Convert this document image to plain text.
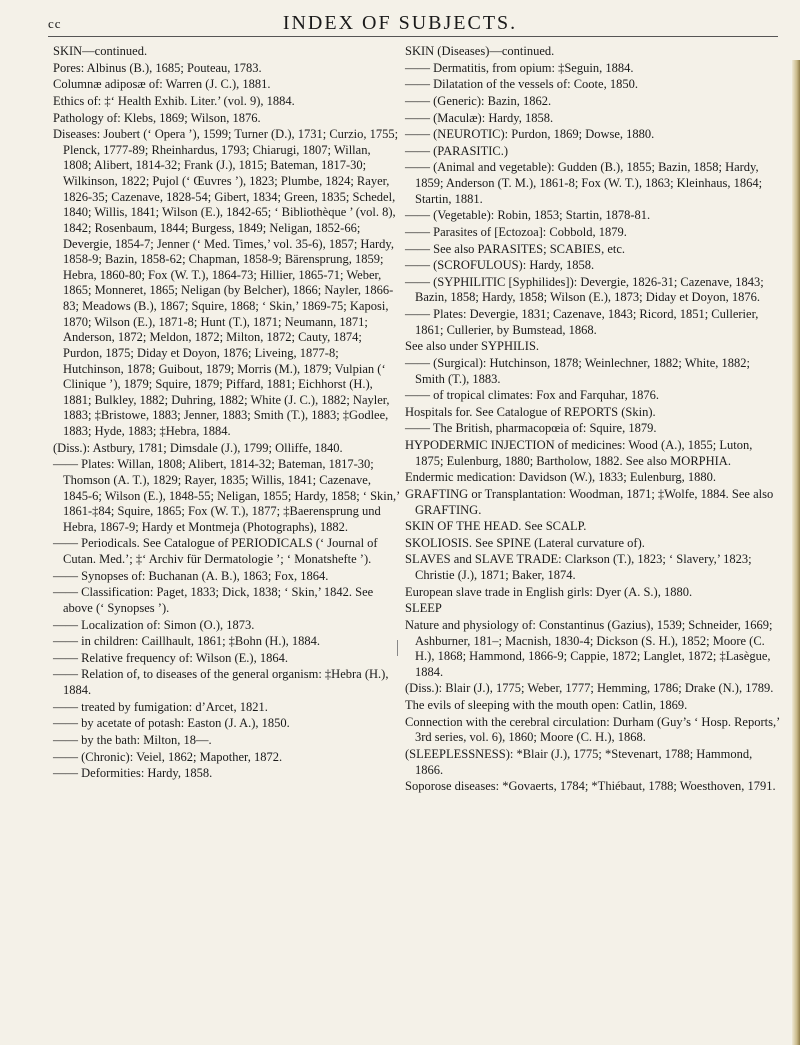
cc	INDEX OF SUBJECTS.

SKIN—continued.

Pores: Albinus (B.), 1685; Pouteau, 1783.

Columnæ adiposæ of: Warren (J. C.), 1881.

Ethics of: ‡‘ Health Exhib. Liter.’ (vol. 9), 1884.

Pathology of: Klebs, 1869; Wilson, 1876.

Diseases: Joubert (‘ Opera ’), 1599; Turner (D.), 1731; Curzio, 1755; Plenck, 1777-89; Rheinhardus, 1793; Chiarugi, 1807; Willan, 1808; Alibert, 1814-32; Frank (J.), 1815; Bateman, 1817-30; Wilkinson, 1822; Pujol (‘ Œuvres ’), 1823; Plumbe, 1824; Rayer, 1826-35; Cazenave, 1828-54; Gibert, 1834; Green, 1835; Schedel, 1840; Willis, 1841; Wilson (E.), 1842-65; ‘ Bibliothèque ’ (vol. 8), 1842; Rosenbaum, 1844; Burgess, 1849; Neligan, 1852-66; Devergie, 1854-7; Jenner (‘ Med. Times,’ vol. 35-6), 1857; Hardy, 1858-9; Bazin, 1858-62; Chapman, 1858-9; Bärensprung, 1859; Hebra, 1860-80; Fox (W. T.), 1864-73; Hillier, 1865-71; Weber, 1865; Monneret, 1865; Neligan (by Belcher), 1866; Nayler, 1866-83; Meadows (B.), 1867; Squire, 1868; ‘ Skin,’ 1869-75; Kaposi, 1870; Wilson (E.), 1871-8; Hunt (T.), 1871; Neumann, 1871; Anderson, 1872; Meldon, 1872; Milton, 1872; Cauty, 1874; Purdon, 1875; Diday et Doyon, 1876; Liveing, 1877-8; Hutchinson, 1878; Guibout, 1879; Morris (M.), 1879; Vulpian (‘ Clinique ’), 1879; Squire, 1879; Piffard, 1881; Eichhorst (H.), 1881; Bulkley, 1882; Duhring, 1882; White (J. C.), 1882; Nayler, 1883; ‡Bristowe, 1883; Jenner, 1883; Smith (T.), 1883; ‡Godlee, 1883; Hyde, 1883; ‡Hebra, 1884.

(Diss.): Astbury, 1781; Dimsdale (J.), 1799; Olliffe, 1840.

—— Plates: Willan, 1808; Alibert, 1814-32; Bateman, 1817-30; Thomson (A. T.), 1829; Rayer, 1835; Willis, 1841; Cazenave, 1845-6; Wilson (E.), 1848-55; Neligan, 1855; Hardy, 1858; ‘ Skin,’ 1861-‡84; Squire, 1865; Fox (W. T.), 1877; ‡Baerensprung und Hebra, 1867-9; Hardy et Montmeja (Photographs), 1882.

—— Periodicals. See Catalogue of PERIODICALS (‘ Journal of Cutan. Med.’; ‡‘ Archiv für Dermatologie ’; ‘ Monatshefte ’).

—— Synopses of: Buchanan (A. B.), 1863; Fox, 1864.

—— Classification: Paget, 1833; Dick, 1838; ‘ Skin,’ 1842. See above (‘ Synopses ’).

—— Localization of: Simon (O.), 1873.

—— in children: Caillhault, 1861; ‡Bohn (H.), 1884.

—— Relative frequency of: Wilson (E.), 1864.

—— Relation of, to diseases of the general organism: ‡Hebra (H.), 1884.

—— treated by fumigation: d’Arcet, 1821.

—— by acetate of potash: Easton (J. A.), 1850.

—— by the bath: Milton, 18—.

—— (Chronic): Veiel, 1862; Mapother, 1872.

—— Deformities: Hardy, 1858.

SKIN (Diseases)—continued.

—— Dermatitis, from opium: ‡Seguin, 1884.

—— Dilatation of the vessels of: Coote, 1850.

—— (Generic): Bazin, 1862.

—— (Maculæ): Hardy, 1858.

—— (NEUROTIC): Purdon, 1869; Dowse, 1880.

—— (PARASITIC.)

—— (Animal and vegetable): Gudden (B.), 1855; Bazin, 1858; Hardy, 1859; Anderson (T. M.), 1861-8; Fox (W. T.), 1863; Kleinhaus, 1864; Startin, 1881.

—— (Vegetable): Robin, 1853; Startin, 1878-81.

—— Parasites of [Ectozoa]: Cobbold, 1879.

—— See also PARASITES; SCABIES, etc.

—— (SCROFULOUS): Hardy, 1858.

—— (SYPHILITIC [Syphilides]): Devergie, 1826-31; Cazenave, 1843; Bazin, 1858; Hardy, 1858; Wilson (E.), 1873; Diday et Doyon, 1876.

—— Plates: Devergie, 1831; Cazenave, 1843; Ricord, 1851; Cullerier, 1861; Cullerier, by Bumstead, 1868.

See also under SYPHILIS.

—— (Surgical): Hutchinson, 1878; Weinlechner, 1882; White, 1882; Smith (T.), 1883.

—— of tropical climates: Fox and Farquhar, 1876.

Hospitals for. See Catalogue of REPORTS (Skin).

—— The British, pharmacopœia of: Squire, 1879.

HYPODERMIC INJECTION of medicines: Wood (A.), 1855; Luton, 1875; Eulenburg, 1880; Bartholow, 1882. See also MORPHIA.

Endermic medication: Davidson (W.), 1833; Eulenburg, 1880.

GRAFTING or Transplantation: Woodman, 1871; ‡Wolfe, 1884. See also GRAFTING.

SKIN OF THE HEAD. See SCALP.

SKOLIOSIS. See SPINE (Lateral curvature of).

SLAVES and SLAVE TRADE: Clarkson (T.), 1823; ‘ Slavery,’ 1823; Christie (J.), 1871; Baker, 1874.

European slave trade in English girls: Dyer (A. S.), 1880.

SLEEP

Nature and physiology of: Constantinus (Gazius), 1539; Schneider, 1669; Ashburner, 181–; Macnish, 1830-4; Dickson (S. H.), 1852; Moore (C. H.), 1868; Hammond, 1866-9; Cappie, 1872; Langlet, 1872; ‡Lasègue, 1884.

(Diss.): Blair (J.), 1775; Weber, 1777; Hemming, 1786; Drake (N.), 1789.

The evils of sleeping with the mouth open: Catlin, 1869.

Connection with the cerebral circulation: Durham (Guy’s ‘ Hosp. Reports,’ 3rd series, vol. 6), 1860; Moore (C. H.), 1868.

(SLEEPLESSNESS): *Blair (J.), 1775; *Stevenart, 1788; Hammond, 1866.

Soporose diseases: *Govaerts, 1784; *Thiébaut, 1788; Woesthoven, 1791.
